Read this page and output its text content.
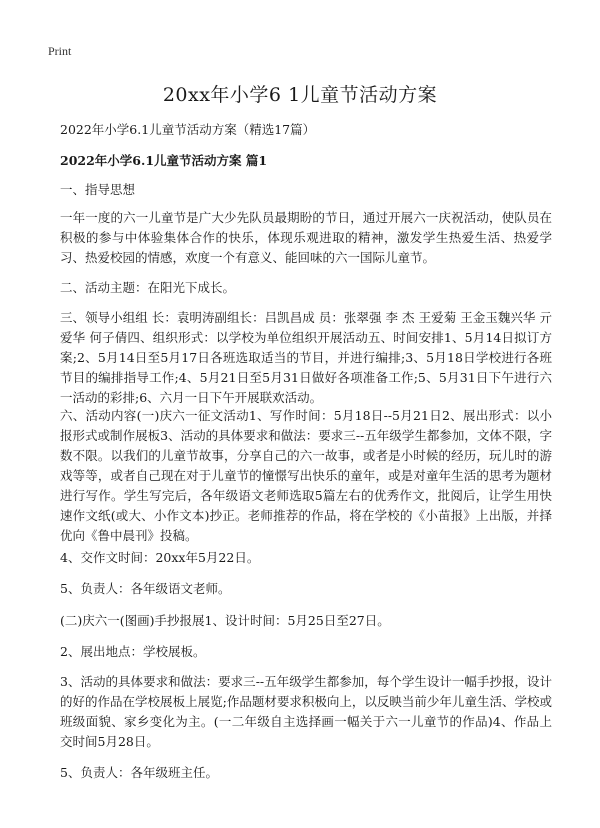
Print
20xx年小学6 1儿童节活动方案
2022年小学6.1儿童节活动方案（精选17篇）
2022年小学6.1儿童节活动方案 篇1

一、指导思想

一年一度的六一儿童节是广大少先队员最期盼的节日，通过开展六一庆祝活动，使队员在积极的参与中体验集体合作的快乐，体现乐观进取的精神，激发学生热爱生活、热爱学习、热爱校园的情感，欢度一个有意义、能回味的六一国际儿童节。

二、活动主题：在阳光下成长。

三、领导小组组 长：袁明涛副组长：吕凯昌成 员：张翠强 李 杰 王爱菊 王金玉魏兴华 亓爱华 何子倩四、组织形式：以学校为单位组织开展活动五、时间安排1、5月14日拟订方案;2、5月14日至5月17日各班选取适当的节目，并进行编排;3、5月18日学校进行各班节目的编排指导工作;4、5月21日至5月31日做好各项准备工作;5、5月31日下午进行六一活动的彩排;6、六月一日下午开展联欢活动。

六、活动内容(一)庆六一征文活动1、写作时间：5月18日--5月21日2、展出形式：以小报形式或制作展板3、活动的具体要求和做法：要求三--五年级学生都参加，文体不限，字数不限。以我们的儿童节故事，分享自己的六一故事，或者是小时候的经历，玩儿时的游戏等等，或者自己现在对于儿童节的憧憬写出快乐的童年，或是对童年生活的思考为题材进行写作。学生写完后，各年级语文老师选取5篇左右的优秀作文，批阅后，让学生用快速作文纸(或大、小作文本)抄正。老师推荐的作品，将在学校的《小苗报》上出版，并择优向《鲁中晨刊》投稿。

4、交作文时间：20xx年5月22日。

5、负责人：各年级语文老师。

(二)庆六一(图画)手抄报展1、设计时间：5月25日至27日。

2、展出地点：学校展板。

3、活动的具体要求和做法：要求三--五年级学生都参加，每个学生设计一幅手抄报，设计的好的作品在学校展板上展览;作品题材要求积极向上，以反映当前少年儿童生活、学校或班级面貌、家乡变化为主。(一二年级自主选择画一幅关于六一儿童节的作品)4、作品上交时间5月28日。

5、负责人：各年级班主任。
